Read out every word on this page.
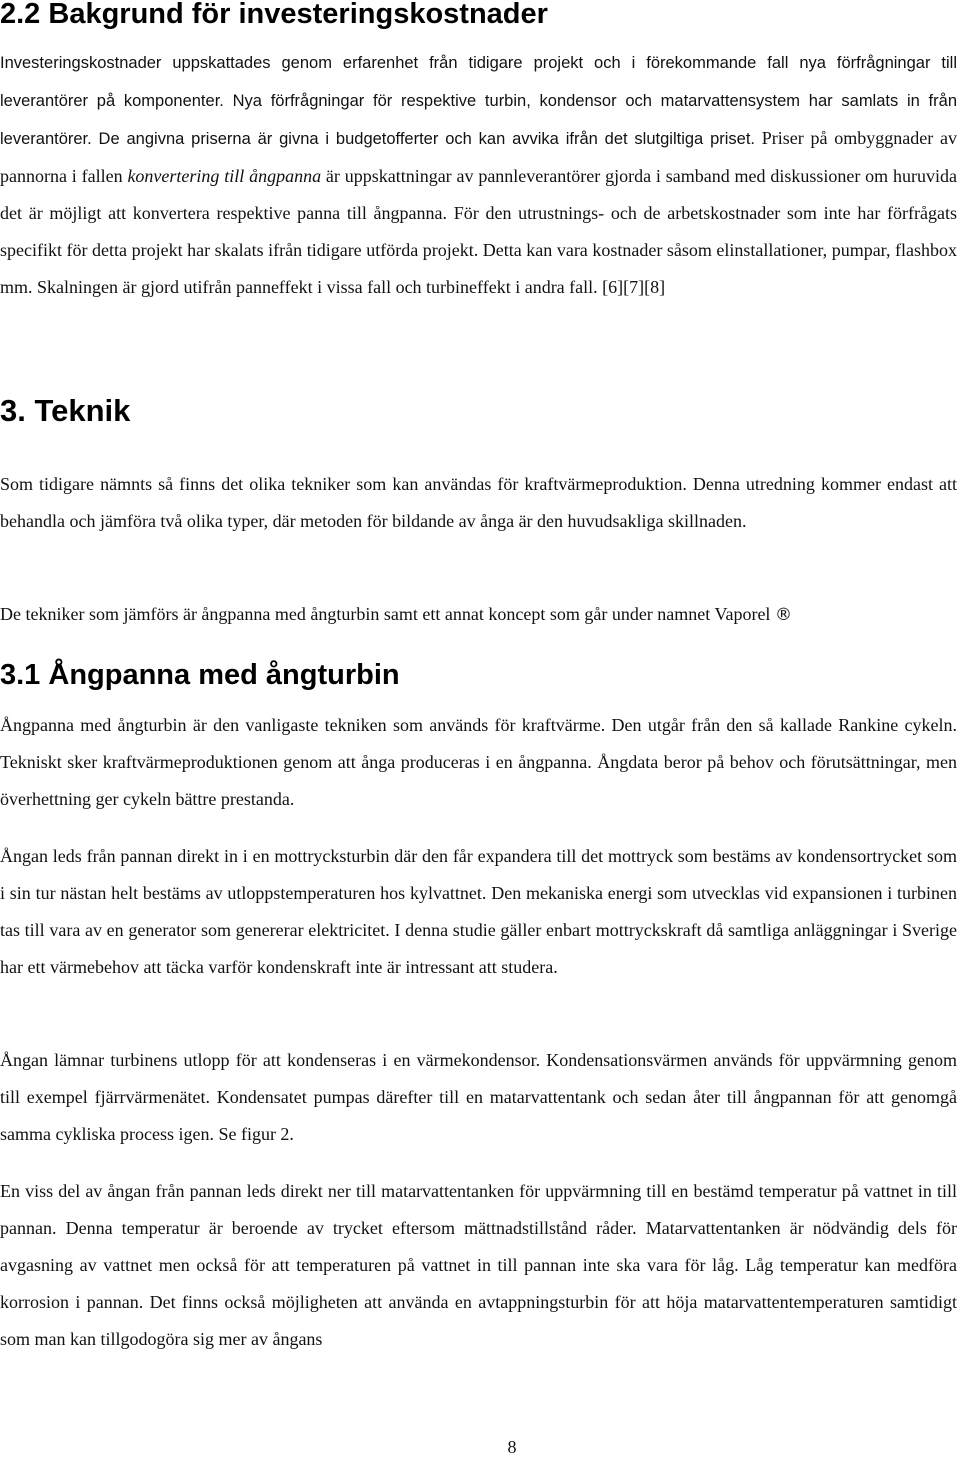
2.2 Bakgrund för investeringskostnader

Investeringskostnader uppskattades genom erfarenhet från tidigare projekt och i förekommande fall nya förfrågningar till leverantörer på komponenter. Nya förfrågningar för respektive turbin, kondensor och matarvattensystem har samlats in från leverantörer. De angivna priserna är givna i budgetofferter och kan avvika ifrån det slutgiltiga priset. Priser på ombyggnader av pannorna i fallen konvertering till ångpanna är uppskattningar av pannleverantörer gjorda i samband med diskussioner om huruvida det är möjligt att konvertera respektive panna till ångpanna. För den utrustnings- och de arbetskostnader som inte har förfrågats specifikt för detta projekt har skalats ifrån tidigare utförda projekt. Detta kan vara kostnader såsom elinstallationer, pumpar, flashbox mm. Skalningen är gjord utifrån panneffekt i vissa fall och turbineffekt i andra fall. [6][7][8]

3. Teknik

Som tidigare nämnts så finns det olika tekniker som kan användas för kraftvärmeproduktion. Denna utredning kommer endast att behandla och jämföra två olika typer, där metoden för bildande av ånga är den huvudsakliga skillnaden.

De tekniker som jämförs är ångpanna med ångturbin samt ett annat koncept som går under namnet Vaporel ®

3.1 Ångpanna med ångturbin

Ångpanna med ångturbin är den vanligaste tekniken som används för kraftvärme. Den utgår från den så kallade Rankine cykeln. Tekniskt sker kraftvärmeproduktionen genom att ånga produceras i en ångpanna. Ångdata beror på behov och förutsättningar, men överhettning ger cykeln bättre prestanda.

Ångan leds från pannan direkt in i en mottrycksturbin där den får expandera till det mottryck som bestäms av kondensortrycket som i sin tur nästan helt bestäms av utloppstemperaturen hos kylvattnet. Den mekaniska energi som utvecklas vid expansionen i turbinen tas till vara av en generator som genererar elektricitet. I denna studie gäller enbart mottryckskraft då samtliga anläggningar i Sverige har ett värmebehov att täcka varför kondenskraft inte är intressant att studera.

Ångan lämnar turbinens utlopp för att kondenseras i en värmekondensor. Kondensationsvärmen används för uppvärmning genom till exempel fjärrvärmenätet. Kondensatet pumpas därefter till en matarvattentank och sedan åter till ångpannan för att genomgå samma cykliska process igen. Se figur 2.

En viss del av ångan från pannan leds direkt ner till matarvattentanken för uppvärmning till en bestämd temperatur på vattnet in till pannan. Denna temperatur är beroende av trycket eftersom mättnadstillstånd råder. Matarvattentanken är nödvändig dels för avgasning av vattnet men också för att temperaturen på vattnet in till pannan inte ska vara för låg. Låg temperatur kan medföra korrosion i pannan. Det finns också möjligheten att använda en avtappningsturbin för att höja matarvattentemperaturen samtidigt som man kan tillgodogöra sig mer av ångans

8
